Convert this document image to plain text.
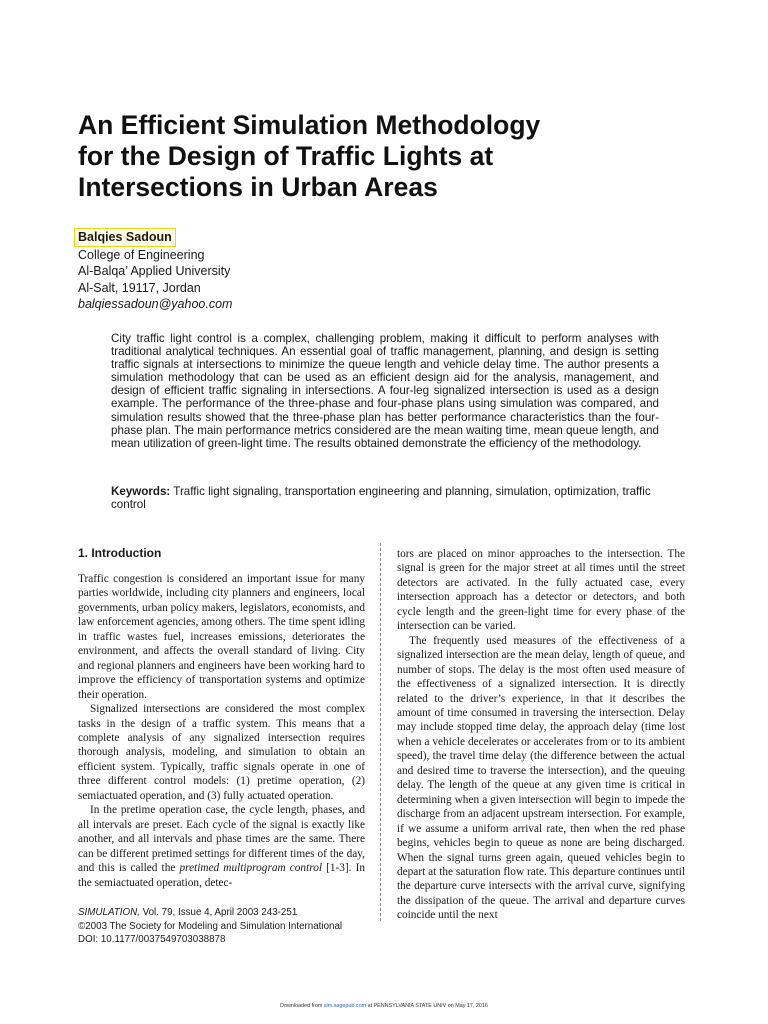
An Efficient Simulation Methodology
for the Design of Traffic Lights at
Intersections in Urban Areas
Balqies Sadoun
College of Engineering
Al-Balqa’ Applied University
Al-Salt, 19117, Jordan
balqiessadoun@yahoo.com
City traffic light control is a complex, challenging problem, making it difficult to perform analyses with traditional analytical techniques. An essential goal of traffic management, planning, and design is setting traffic signals at intersections to minimize the queue length and vehicle delay time. The author presents a simulation methodology that can be used as an efficient design aid for the analysis, management, and design of efficient traffic signaling in intersections. A four-leg signalized intersection is used as a design example. The performance of the three-phase and four-phase plans using simulation was compared, and simulation results showed that the three-phase plan has better performance characteristics than the four-phase plan. The main performance metrics considered are the mean waiting time, mean queue length, and mean utilization of green-light time. The results obtained demonstrate the efficiency of the methodology.
Keywords: Traffic light signaling, transportation engineering and planning, simulation, optimization, traffic control
1. Introduction

Traffic congestion is considered an important issue for many parties worldwide, including city planners and engineers, local governments, urban policy makers, legislators, economists, and law enforcement agencies, among others. The time spent idling in traffic wastes fuel, increases emissions, deteriorates the environment, and affects the overall standard of living. City and regional planners and engineers have been working hard to improve the efficiency of transportation systems and optimize their operation.

Signalized intersections are considered the most complex tasks in the design of a traffic system. This means that a complete analysis of any signalized intersection requires thorough analysis, modeling, and simulation to obtain an efficient system. Typically, traffic signals operate in one of three different control models: (1) pretime operation, (2) semiactuated operation, and (3) fully actuated operation.

In the pretime operation case, the cycle length, phases, and all intervals are preset. Each cycle of the signal is exactly like another, and all intervals and phase times are the same. There can be different pretimed settings for different times of the day, and this is called the pretimed multiprogram control [1-3]. In the semiactuated operation, detec-

tors are placed on minor approaches to the intersection. The signal is green for the major street at all times until the street detectors are activated. In the fully actuated case, every intersection approach has a detector or detectors, and both cycle length and the green-light time for every phase of the intersection can be varied.

The frequently used measures of the effectiveness of a signalized intersection are the mean delay, length of queue, and number of stops. The delay is the most often used measure of the effectiveness of a signalized intersection. It is directly related to the driver’s experience, in that it describes the amount of time consumed in traversing the intersection. Delay may include stopped time delay, the approach delay (time lost when a vehicle decelerates or accelerates from or to its ambient speed), the travel time delay (the difference between the actual and desired time to traverse the intersection), and the queuing delay. The length of the queue at any given time is critical in determining when a given intersection will begin to impede the discharge from an adjacent upstream intersection. For example, if we assume a uniform arrival rate, then when the red phase begins, vehicles begin to queue as none are being discharged. When the signal turns green again, queued vehicles begin to depart at the saturation flow rate. This departure continues until the departure curve intersects with the arrival curve, signifying the dissipation of the queue. The arrival and departure curves coincide until the next

SIMULATION, Vol. 79, Issue 4, April 2003 243-251
©2003 The Society for Modeling and Simulation International
DOI: 10.1177/0037549703038878
Downloaded from sim.sagepub.com at PENNSYLVANIA STATE UNIV on May 17, 2016
